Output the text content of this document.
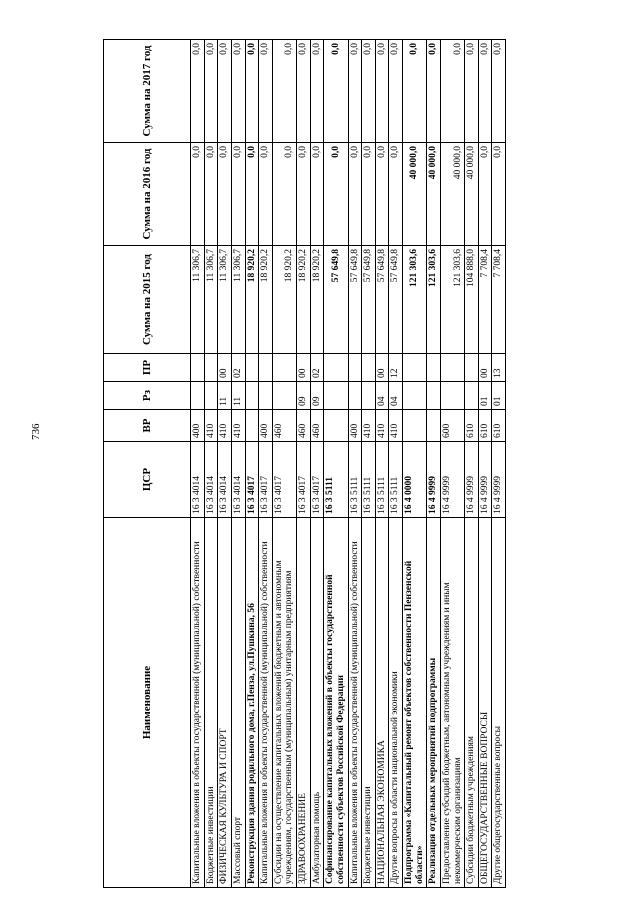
736
Наименование	ЦСР	ВР	Рз	ПР	Сумма на 2015 год	Сумма на 2016 год	Сумма на 2017 год
Капитальные вложения в объекты государственной (муниципальной) собственности	16 3 4014	400			11 306,7	0,0	0,0
Бюджетные инвестиции	16 3 4014	410			11 306,7	0,0	0,0
ФИЗИЧЕСКАЯ КУЛЬТУРА И СПОРТ	16 3 4014	410	11	00	11 306,7	0,0	0,0
Массовый спорт	16 3 4014	410	11	02	11 306,7	0,0	0,0
Реконструкция здания родильного дома, г.Пенза, ул.Пушкина, 56	16 3 4017				18 920,2	0,0	0,0
Капитальные вложения в объекты государственной (муниципальной) собственности	16 3 4017	400			18 920,2	0,0	0,0
Субсидии на осуществление капитальных вложений бюджетным и автономным учреждениям, государственным (муниципальным) унитарным предприятиям	16 3 4017	460			18 920,2	0,0	0,0
ЗДРАВООХРАНЕНИЕ	16 3 4017	460	09	00	18 920,2	0,0	0,0
Амбулаторная помощь	16 3 4017	460	09	02	18 920,2	0,0	0,0
Софинансирование капитальных вложений в объекты государственной собственности субъектов Российской Федерации	16 3 5111				57 649,8	0,0	0,0
Капитальные вложения в объекты государственной (муниципальной) собственности	16 3 5111	400			57 649,8	0,0	0,0
Бюджетные инвестиции	16 3 5111	410			57 649,8	0,0	0,0
НАЦИОНАЛЬНАЯ ЭКОНОМИКА	16 3 5111	410	04	00	57 649,8	0,0	0,0
Другие вопросы в области национальной экономики	16 3 5111	410	04	12	57 649,8	0,0	0,0
Подпрограмма «Капитальный ремонт объектов собственности Пензенской области»	16 4 0000				121 303,6	40 000,0	0,0
Реализация отдельных мероприятий подпрограммы	16 4 9999				121 303,6	40 000,0	0,0
Предоставление субсидий бюджетным, автономным учреждениям и иным некоммерческим организациям	16 4 9999	600			121 303,6	40 000,0	0,0
Субсидии бюджетным учреждениям	16 4 9999	610			104 888,0	40 000,0	0,0
ОБЩЕГОСУДАРСТВЕННЫЕ ВОПРОСЫ	16 4 9999	610	01	00	7 708,4	0,0	0,0
Другие общегосударственные вопросы	16 4 9999	610	01	13	7 708,4	0,0	0,0
